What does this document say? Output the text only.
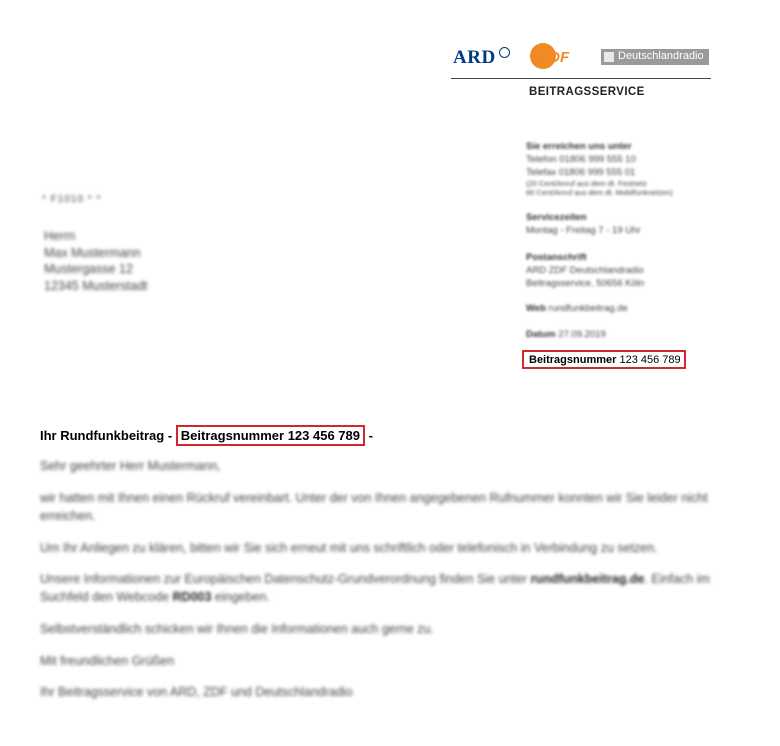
ARD	ZDF	Deutschlandradio
BEITRAGSSERVICE
Sie erreichen uns unter
Telefon 01806 999 555 10
Telefax 01806 999 555 01

(20 Cent/Anruf aus dem dt. Festnetz
60 Cent/Anruf aus dem dt. Mobilfunknetzen)
Servicezeiten
Montag - Freitag 7 - 19 Uhr
Postanschrift
ARD ZDF Deutschlandradio
Beitragsservice, 50656 Köln
Web rundfunkbeitrag.de
Datum 27.09.2019
Beitragsnummer 123 456 789
* F1010 * *
Herrn
Max Mustermann
Mustergasse 12
12345 Musterstadt
Ihr Rundfunkbeitrag - Beitragsnummer 123 456 789 -

Sehr geehrter Herr Mustermann,

wir hatten mit Ihnen einen Rückruf vereinbart. Unter der von Ihnen angegebenen Rufnummer konnten wir Sie leider nicht erreichen.

Um Ihr Anliegen zu klären, bitten wir Sie sich erneut mit uns schriftlich oder telefonisch in Verbindung zu setzen.

Unsere Informationen zur Europäischen Datenschutz-Grundverordnung finden Sie unter rundfunkbeitrag.de. Einfach im Suchfeld den Webcode RD003 eingeben.

Selbstverständlich schicken wir Ihnen die Informationen auch gerne zu.

Mit freundlichen Grüßen

Ihr Beitragsservice von ARD, ZDF und Deutschlandradio
